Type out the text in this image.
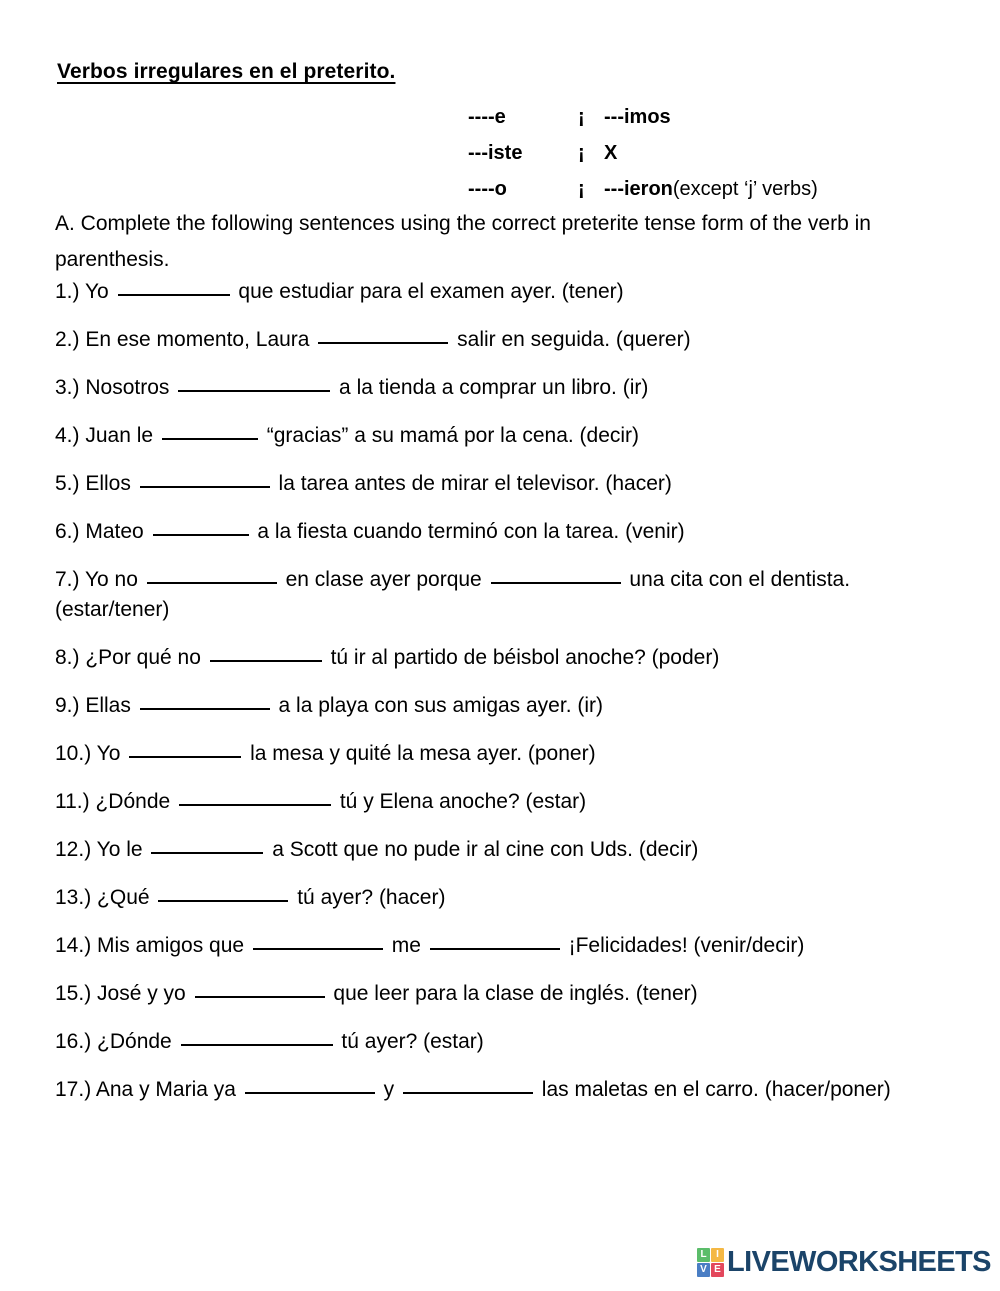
Verbos irregulares en el preterito.
----e	¡ ---imos
---iste	¡ X
----o	¡ ---ieron (except ‘j’ verbs)
A. Complete the following sentences using the correct preterite tense form of the verb in parenthesis.
1.) Yo	que estudiar para el examen ayer. (tener)
2.) En ese momento, Laura	salir en seguida. (querer)
3.) Nosotros	a la tienda a comprar un libro. (ir)
4.) Juan le	“gracias” a su mamá por la cena. (decir)
5.) Ellos	la tarea antes de mirar el televisor. (hacer)
6.) Mateo	a la fiesta cuando terminó con la tarea. (venir)
7.) Yo no	en clase ayer porque	una cita con el dentista. (estar/tener)
8.) ¿Por qué no	tú ir al partido de béisbol anoche? (poder)
9.) Ellas	a la playa con sus amigas ayer. (ir)
10.) Yo	la mesa y quité la mesa ayer. (poner)
11.) ¿Dónde	tú y Elena anoche? (estar)
12.) Yo le	a Scott que no pude ir al cine con Uds. (decir)
13.) ¿Qué	tú ayer? (hacer)
14.) Mis amigos que	me	¡Felicidades! (venir/decir)
15.) José y yo	que leer para la clase de inglés. (tener)
16.) ¿Dónde	tú ayer? (estar)
17.) Ana y Maria ya	y	las maletas en el carro. (hacer/poner)
L I
V E LIVEWORKSHEETS
